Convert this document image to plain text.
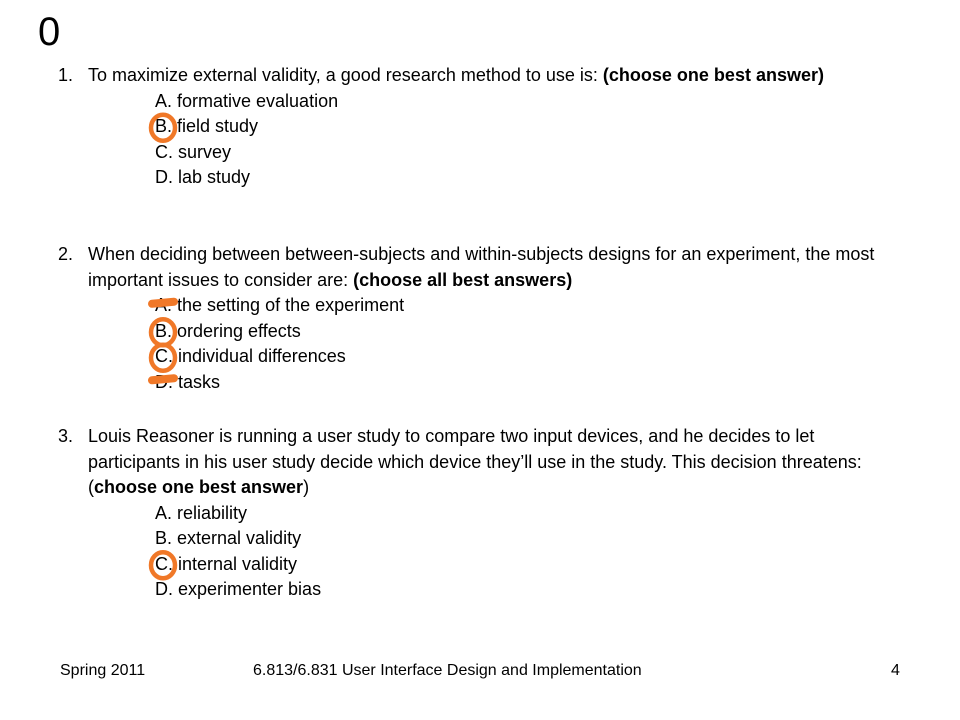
0
1. To maximize external validity, a good research method to use is: (choose one best answer)
A. formative evaluation
B. field study
C. survey
D. lab study
2. When deciding between between-subjects and within-subjects designs for an experiment, the most important issues to consider are: (choose all best answers)
A. the setting of the experiment
B. ordering effects
C. individual differences
D. tasks
3. Louis Reasoner is running a user study to compare two input devices, and he decides to let participants in his user study decide which device they’ll use in the study. This decision threatens: (choose one best answer)
A. reliability
B. external validity
C. internal validity
D. experimenter bias
Spring 2011	6.813/6.831 User Interface Design and Implementation	4
